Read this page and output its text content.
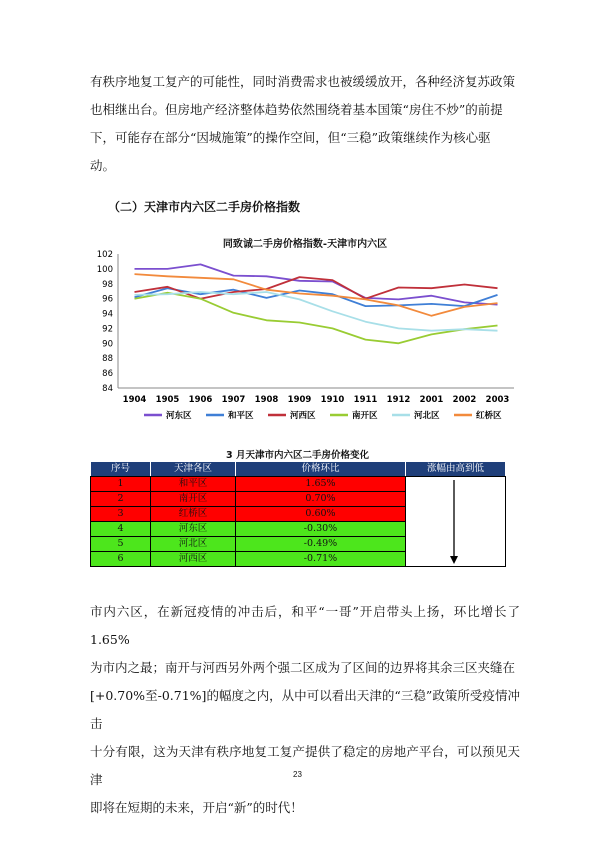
有秩序地复工复产的可能性，同时消费需求也被缓缓放开，各种经济复苏政策

也相继出台。但房地产经济整体趋势依然围绕着基本国策“房住不炒”的前提

下，可能存在部分“因城施策”的操作空间，但“三稳”政策继续作为核心驱

动。

（二）天津市内六区二手房价格指数
同致诚二手房价格指数-天津市内六区
84
86
88
90
92
94
96
98
100
102
1904 1905 1906 1907 1908 1909 1910 1911 1912 2001 2002 2003
河东区	和平区	河西区	南开区	河北区	红桥区
3 月天津市内六区二手房价格变化
序号	天津各区	价格环比	涨幅由高到低
1	和平区	1.65%	

2	南开区	0.70%	
3	红桥区	0.60%	
4	河东区	-0.30%	
5	河北区	-0.49%	
6	河西区	-0.71%	

市内六区，在新冠疫情的冲击后，和平“一哥”开启带头上扬，环比增长了 1.65%

为市内之最；南开与河西另外两个强二区成为了区间的边界将其余三区夹缝在

[+0.70%至-0.71%]的幅度之内，从中可以看出天津的“三稳”政策所受疫情冲击

十分有限，这为天津有秩序地复工复产提供了稳定的房地产平台，可以预见天津

即将在短期的未来，开启“新”的时代！

23
